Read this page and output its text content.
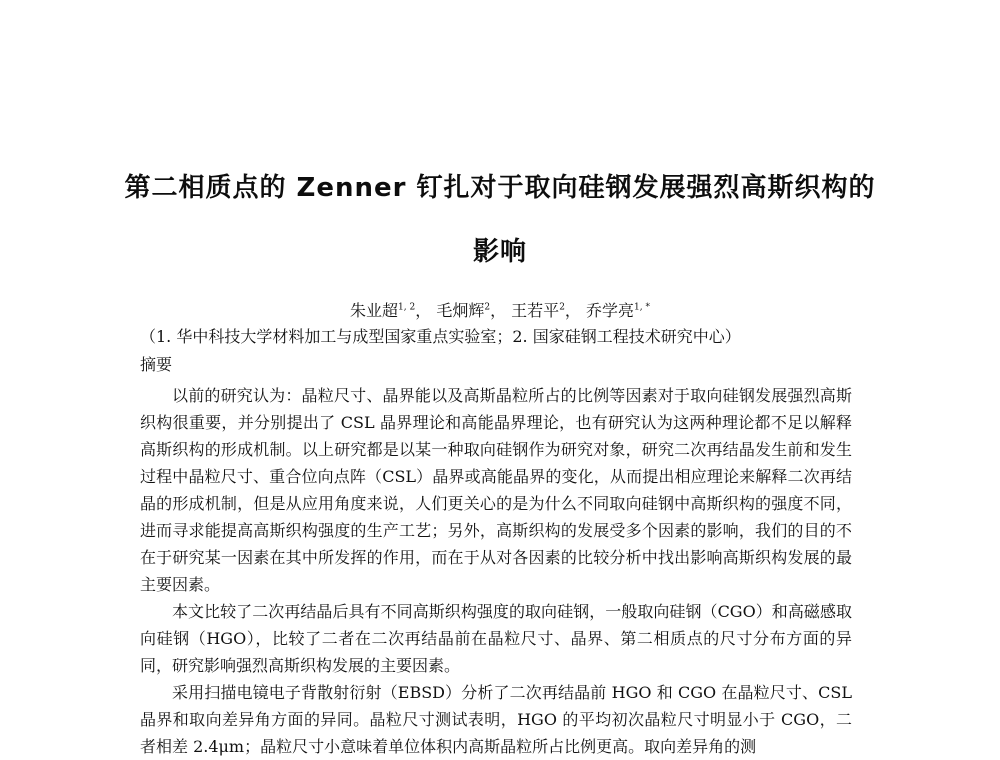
第二相质点的 Zenner 钉扎对于取向硅钢发展强烈高斯织构的
影响
朱业超$^{1, 2}$， 毛炯辉$^2$， 王若平$^2$， 乔学亮$^{1, *}$
（1. 华中科技大学材料加工与成型国家重点实验室；2. 国家硅钢工程技术研究中心）
摘要

以前的研究认为：晶粒尺寸、晶界能以及高斯晶粒所占的比例等因素对于取向硅钢发展强烈高斯织构很重要，并分别提出了 CSL 晶界理论和高能晶界理论，也有研究认为这两种理论都不足以解释高斯织构的形成机制。以上研究都是以某一种取向硅钢作为研究对象，研究二次再结晶发生前和发生过程中晶粒尺寸、重合位向点阵（CSL）晶界或高能晶界的变化，从而提出相应理论来解释二次再结晶的形成机制，但是从应用角度来说，人们更关心的是为什么不同取向硅钢中高斯织构的强度不同，进而寻求能提高高斯织构强度的生产工艺；另外，高斯织构的发展受多个因素的影响，我们的目的不在于研究某一因素在其中所发挥的作用，而在于从对各因素的比较分析中找出影响高斯织构发展的最主要因素。

本文比较了二次再结晶后具有不同高斯织构强度的取向硅钢，一般取向硅钢（CGO）和高磁感取向硅钢（HGO），比较了二者在二次再结晶前在晶粒尺寸、晶界、第二相质点的尺寸分布方面的异同，研究影响强烈高斯织构发展的主要因素。

采用扫描电镜电子背散射衍射（EBSD）分析了二次再结晶前 HGO 和 CGO 在晶粒尺寸、CSL 晶界和取向差异角方面的异同。晶粒尺寸测试表明，HGO 的平均初次晶粒尺寸明显小于 CGO，二者相差 2.4μm；晶粒尺寸小意味着单位体积内高斯晶粒所占比例更高。取向差异角的测
